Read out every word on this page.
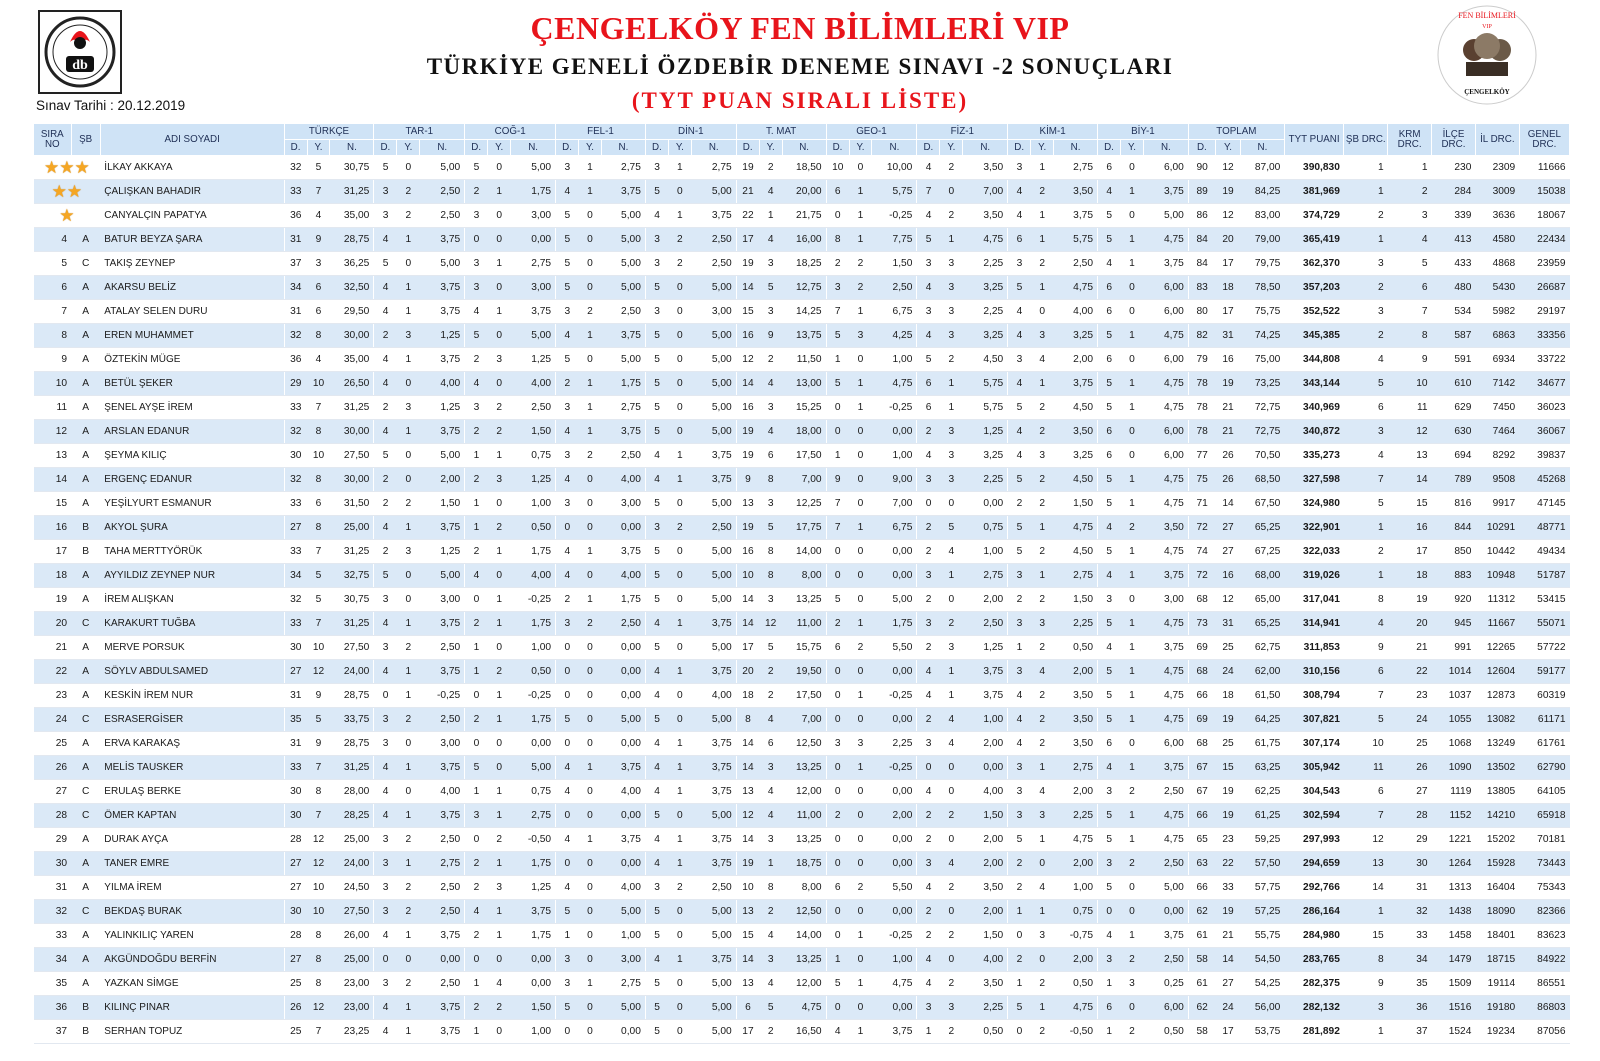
db
FEN BİLİMLERİ
VIP
ÇENGELKÖY
ÇENGELKÖY FEN BİLİMLERİ VIP
TÜRKİYE GENELİ ÖZDEBİR DENEME SINAVI -2 SONUÇLARI
(TYT PUAN SIRALI LİSTE)
Sınav Tarihi : 20.12.2019
SIRA NO	ŞB	ADI SOYADI	TÜRKÇE			TAR-1			COĞ-1			FEL-1			DİN-1			T. MAT			GEO-1			FİZ-1			KİM-1			BİY-1			TOPLAM			TYT PUANI	ŞB DRC.	KRM DRC.	İLÇE DRC.	İL DRC.	GENEL DRC.
			D.	Y.	N.	D.	Y.	N.	D.	Y.	N.	D.	Y.	N.	D.	Y.	N.	D.	Y.	N.	D.	Y.	N.	D.	Y.	N.	D.	Y.	N.	D.	Y.	N.	D.	Y.	N.						
★★★		İLKAY AKKAYA	32	5	30,75	5	0	5,00	5	0	5,00	3	1	2,75	3	1	2,75	19	2	18,50	10	0	10,00	4	2	3,50	3	1	2,75	6	0	6,00	90	12	87,00	390,830	1	1	230	2309	11666
★★		ÇALIŞKAN BAHADIR	33	7	31,25	3	2	2,50	2	1	1,75	4	1	3,75	5	0	5,00	21	4	20,00	6	1	5,75	7	0	7,00	4	2	3,50	4	1	3,75	89	19	84,25	381,969	1	2	284	3009	15038
★		CANYALÇIN PAPATYA	36	4	35,00	3	2	2,50	3	0	3,00	5	0	5,00	4	1	3,75	22	1	21,75	0	1	-0,25	4	2	3,50	4	1	3,75	5	0	5,00	86	12	83,00	374,729	2	3	339	3636	18067
4	A	BATUR BEYZA ŞARA	31	9	28,75	4	1	3,75	0	0	0,00	5	0	5,00	3	2	2,50	17	4	16,00	8	1	7,75	5	1	4,75	6	1	5,75	5	1	4,75	84	20	79,00	365,419	1	4	413	4580	22434
5	C	TAKIŞ ZEYNEP	37	3	36,25	5	0	5,00	3	1	2,75	5	0	5,00	3	2	2,50	19	3	18,25	2	2	1,50	3	3	2,25	3	2	2,50	4	1	3,75	84	17	79,75	362,370	3	5	433	4868	23959
6	A	AKARSU BELİZ	34	6	32,50	4	1	3,75	3	0	3,00	5	0	5,00	5	0	5,00	14	5	12,75	3	2	2,50	4	3	3,25	5	1	4,75	6	0	6,00	83	18	78,50	357,203	2	6	480	5430	26687
7	A	ATALAY SELEN DURU	31	6	29,50	4	1	3,75	4	1	3,75	3	2	2,50	3	0	3,00	15	3	14,25	7	1	6,75	3	3	2,25	4	0	4,00	6	0	6,00	80	17	75,75	352,522	3	7	534	5982	29197
8	A	EREN MUHAMMET	32	8	30,00	2	3	1,25	5	0	5,00	4	1	3,75	5	0	5,00	16	9	13,75	5	3	4,25	4	3	3,25	4	3	3,25	5	1	4,75	82	31	74,25	345,385	2	8	587	6863	33356
9	A	ÖZTEKİN MÜGE	36	4	35,00	4	1	3,75	2	3	1,25	5	0	5,00	5	0	5,00	12	2	11,50	1	0	1,00	5	2	4,50	3	4	2,00	6	0	6,00	79	16	75,00	344,808	4	9	591	6934	33722
10	A	BETÜL ŞEKER	29	10	26,50	4	0	4,00	4	0	4,00	2	1	1,75	5	0	5,00	14	4	13,00	5	1	4,75	6	1	5,75	4	1	3,75	5	1	4,75	78	19	73,25	343,144	5	10	610	7142	34677
11	A	ŞENEL AYŞE İREM	33	7	31,25	2	3	1,25	3	2	2,50	3	1	2,75	5	0	5,00	16	3	15,25	0	1	-0,25	6	1	5,75	5	2	4,50	5	1	4,75	78	21	72,75	340,969	6	11	629	7450	36023
12	A	ARSLAN EDANUR	32	8	30,00	4	1	3,75	2	2	1,50	4	1	3,75	5	0	5,00	19	4	18,00	0	0	0,00	2	3	1,25	4	2	3,50	6	0	6,00	78	21	72,75	340,872	3	12	630	7464	36067
13	A	ŞEYMA KILIÇ	30	10	27,50	5	0	5,00	1	1	0,75	3	2	2,50	4	1	3,75	19	6	17,50	1	0	1,00	4	3	3,25	4	3	3,25	6	0	6,00	77	26	70,50	335,273	4	13	694	8292	39837
14	A	ERGENÇ EDANUR	32	8	30,00	2	0	2,00	2	3	1,25	4	0	4,00	4	1	3,75	9	8	7,00	9	0	9,00	3	3	2,25	5	2	4,50	5	1	4,75	75	26	68,50	327,598	7	14	789	9508	45268
15	A	YEŞİLYURT ESMANUR	33	6	31,50	2	2	1,50	1	0	1,00	3	0	3,00	5	0	5,00	13	3	12,25	7	0	7,00	0	0	0,00	2	2	1,50	5	1	4,75	71	14	67,50	324,980	5	15	816	9917	47145
16	B	AKYOL ŞURA	27	8	25,00	4	1	3,75	1	2	0,50	0	0	0,00	3	2	2,50	19	5	17,75	7	1	6,75	2	5	0,75	5	1	4,75	4	2	3,50	72	27	65,25	322,901	1	16	844	10291	48771
17	B	TAHA MERTTYÖRÜK	33	7	31,25	2	3	1,25	2	1	1,75	4	1	3,75	5	0	5,00	16	8	14,00	0	0	0,00	2	4	1,00	5	2	4,50	5	1	4,75	74	27	67,25	322,033	2	17	850	10442	49434
18	A	AYYILDIZ ZEYNEP NUR	34	5	32,75	5	0	5,00	4	0	4,00	4	0	4,00	5	0	5,00	10	8	8,00	0	0	0,00	3	1	2,75	3	1	2,75	4	1	3,75	72	16	68,00	319,026	1	18	883	10948	51787
19	A	İREM ALIŞKAN	32	5	30,75	3	0	3,00	0	1	-0,25	2	1	1,75	5	0	5,00	14	3	13,25	5	0	5,00	2	0	2,00	2	2	1,50	3	0	3,00	68	12	65,00	317,041	8	19	920	11312	53415
20	C	KARAKURT TUĞBA	33	7	31,25	4	1	3,75	2	1	1,75	3	2	2,50	4	1	3,75	14	12	11,00	2	1	1,75	3	2	2,50	3	3	2,25	5	1	4,75	73	31	65,25	314,941	4	20	945	11667	55071
21	A	MERVE PORSUK	30	10	27,50	3	2	2,50	1	0	1,00	0	0	0,00	5	0	5,00	17	5	15,75	6	2	5,50	2	3	1,25	1	2	0,50	4	1	3,75	69	25	62,75	311,853	9	21	991	12265	57722
22	A	SÖYLV ABDULSAMED	27	12	24,00	4	1	3,75	1	2	0,50	0	0	0,00	4	1	3,75	20	2	19,50	0	0	0,00	4	1	3,75	3	4	2,00	5	1	4,75	68	24	62,00	310,156	6	22	1014	12604	59177
23	A	KESKİN İREM NUR	31	9	28,75	0	1	-0,25	0	1	-0,25	0	0	0,00	4	0	4,00	18	2	17,50	0	1	-0,25	4	1	3,75	4	2	3,50	5	1	4,75	66	18	61,50	308,794	7	23	1037	12873	60319
24	C	ESRASERGİSER	35	5	33,75	3	2	2,50	2	1	1,75	5	0	5,00	5	0	5,00	8	4	7,00	0	0	0,00	2	4	1,00	4	2	3,50	5	1	4,75	69	19	64,25	307,821	5	24	1055	13082	61171
25	A	ERVA KARAKAŞ	31	9	28,75	3	0	3,00	0	0	0,00	0	0	0,00	4	1	3,75	14	6	12,50	3	3	2,25	3	4	2,00	4	2	3,50	6	0	6,00	68	25	61,75	307,174	10	25	1068	13249	61761
26	A	MELİS TAUSKER	33	7	31,25	4	1	3,75	5	0	5,00	4	1	3,75	4	1	3,75	14	3	13,25	0	1	-0,25	0	0	0,00	3	1	2,75	4	1	3,75	67	15	63,25	305,942	11	26	1090	13502	62790
27	C	ERULAŞ BERKE	30	8	28,00	4	0	4,00	1	1	0,75	4	0	4,00	4	1	3,75	13	4	12,00	0	0	0,00	4	0	4,00	3	4	2,00	3	2	2,50	67	19	62,25	304,543	6	27	1119	13805	64105
28	C	ÖMER KAPTAN	30	7	28,25	4	1	3,75	3	1	2,75	0	0	0,00	5	0	5,00	12	4	11,00	2	0	2,00	2	2	1,50	3	3	2,25	5	1	4,75	66	19	61,25	302,594	7	28	1152	14210	65918
29	A	DURAK AYÇA	28	12	25,00	3	2	2,50	0	2	-0,50	4	1	3,75	4	1	3,75	14	3	13,25	0	0	0,00	2	0	2,00	5	1	4,75	5	1	4,75	65	23	59,25	297,993	12	29	1221	15202	70181
30	A	TANER EMRE	27	12	24,00	3	1	2,75	2	1	1,75	0	0	0,00	4	1	3,75	19	1	18,75	0	0	0,00	3	4	2,00	2	0	2,00	3	2	2,50	63	22	57,50	294,659	13	30	1264	15928	73443
31	A	YILMA İREM	27	10	24,50	3	2	2,50	2	3	1,25	4	0	4,00	3	2	2,50	10	8	8,00	6	2	5,50	4	2	3,50	2	4	1,00	5	0	5,00	66	33	57,75	292,766	14	31	1313	16404	75343
32	C	BEKDAŞ BURAK	30	10	27,50	3	2	2,50	4	1	3,75	5	0	5,00	5	0	5,00	13	2	12,50	0	0	0,00	2	0	2,00	1	1	0,75	0	0	0,00	62	19	57,25	286,164	1	32	1438	18090	82366
33	A	YALINKILIÇ YAREN	28	8	26,00	4	1	3,75	2	1	1,75	1	0	1,00	5	0	5,00	15	4	14,00	0	1	-0,25	2	2	1,50	0	3	-0,75	4	1	3,75	61	21	55,75	284,980	15	33	1458	18401	83623
34	A	AKGÜNDOĞDU BERFİN	27	8	25,00	0	0	0,00	0	0	0,00	3	0	3,00	4	1	3,75	14	3	13,25	1	0	1,00	4	0	4,00	2	0	2,00	3	2	2,50	58	14	54,50	283,765	8	34	1479	18715	84922
35	A	YAZKAN SİMGE	25	8	23,00	3	2	2,50	1	4	0,00	3	1	2,75	5	0	5,00	13	4	12,00	5	1	4,75	4	2	3,50	1	2	0,50	1	3	0,25	61	27	54,25	282,375	9	35	1509	19114	86551
36	B	KILINÇ PINAR	26	12	23,00	4	1	3,75	2	2	1,50	5	0	5,00	5	0	5,00	6	5	4,75	0	0	0,00	3	3	2,25	5	1	4,75	6	0	6,00	62	24	56,00	282,132	3	36	1516	19180	86803
37	B	SERHAN TOPUZ	25	7	23,25	4	1	3,75	1	0	1,00	0	0	0,00	5	0	5,00	17	2	16,50	4	1	3,75	1	2	0,50	0	2	-0,50	1	2	0,50	58	17	53,75	281,892	1	37	1524	19234	87056
